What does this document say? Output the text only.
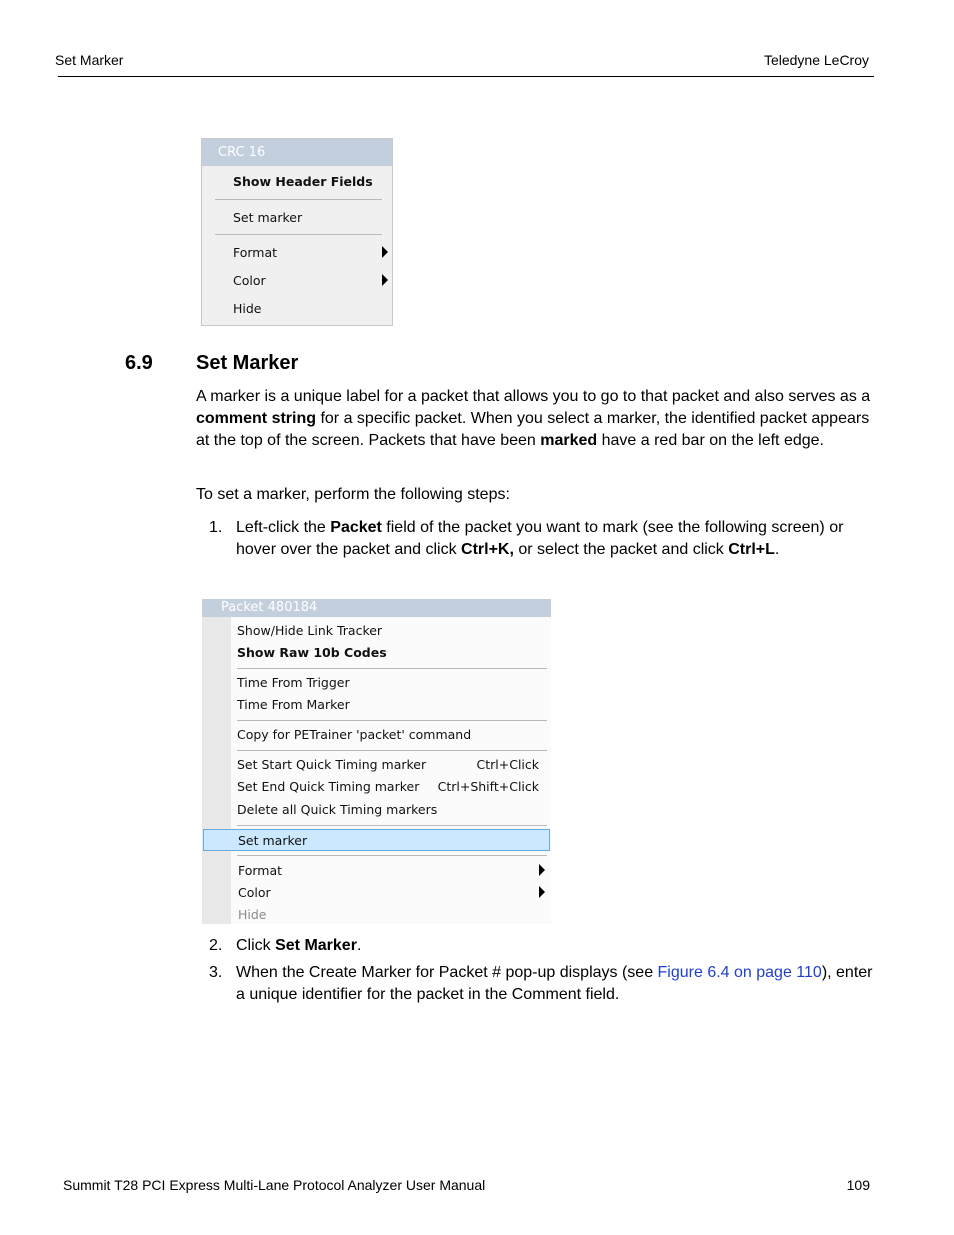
Set Marker	Teledyne LeCroy
CRC 16
Show Header Fields
Set marker
Format
Color
Hide
6.9 Set Marker
A marker is a unique label for a packet that allows you to go to that packet and also serves as a comment string for a specific packet. When you select a marker, the identified packet appears at the top of the screen. Packets that have been marked have a red bar on the left edge.
To set a marker, perform the following steps:
1. Left-click the Packet field of the packet you want to mark (see the following screen) or hover over the packet and click Ctrl+K, or select the packet and click Ctrl+L.
Packet 480184
Show/Hide Link Tracker
Show Raw 10b Codes
Time From Trigger
Time From Marker
Copy for PETrainer 'packet' command
Set Start Quick Timing marker	Ctrl+Click
Set End Quick Timing marker Ctrl+Shift+Click
Delete all Quick Timing markers
Set marker
Format
Color
Hide
2. Click Set Marker.
3. When the Create Marker for Packet # pop-up displays (see Figure 6.4 on page 110), enter a unique identifier for the packet in the Comment field.
Summit T28 PCI Express Multi-Lane Protocol Analyzer User Manual	109
